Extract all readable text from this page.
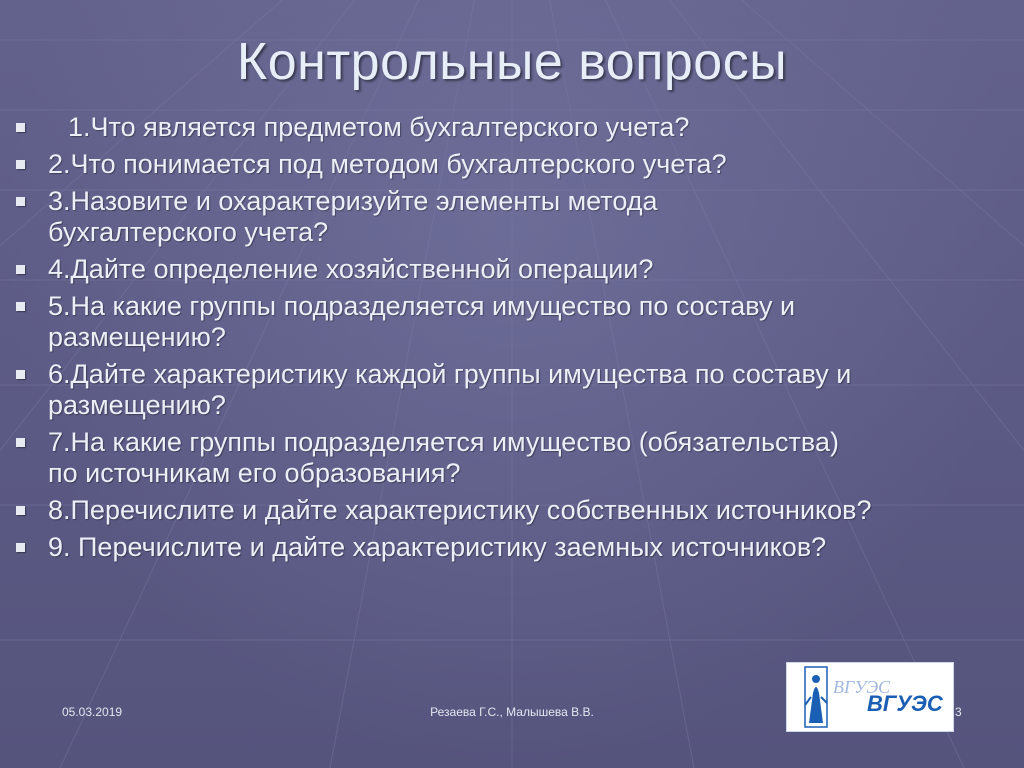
Контрольные вопросы
1.Что является предметом бухгалтерского учета?
2.Что понимается под методом бухгалтерского учета?
3.Назовите и охарактеризуйте элементы метода бухгалтерского учета?
4.Дайте определение хозяйственной операции?
5.На какие группы подразделяется имущество по составу и размещению?
6.Дайте характеристику каждой группы имущества по составу и размещению?
7.На какие группы подразделяется имущество (обязательства) по источникам его образования?
8.Перечислите и дайте характеристику собственных источников?
9. Перечислите и дайте характеристику заемных источников?
ВГУЭС
ВГУЭС
05.03.2019	Резаева Г.С., Малышева В.В.	3
